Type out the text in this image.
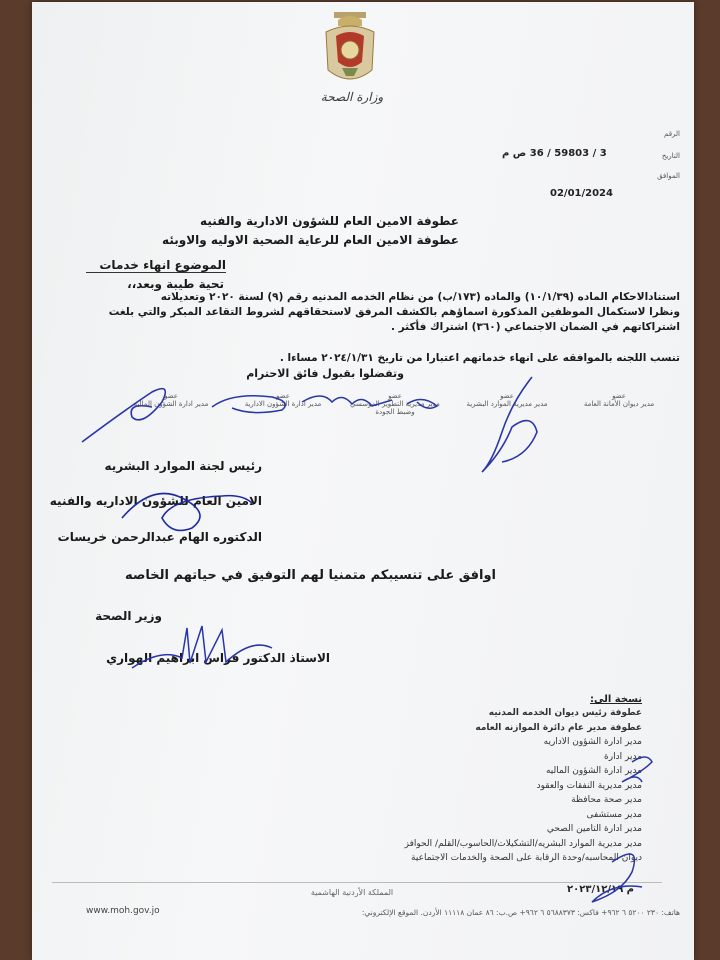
وزارة الصحة
الرقم
التاريخ
الموافق
3 / 59803 / 36 ص م
02/01/2024
عطوفة الامين العام للشؤون الادارية والفنيه
عطوفة الامين العام للرعاية الصحية الاوليه والاوبئه
الموضوع انهاء خدمات
تحية طيبة وبعد،،
استنادالاحكام الماده (١٠/١/٣٩) والماده (١٧٣/ب) من نظام الخدمه المدنيه رقم (٩) لسنة ٢٠٢٠ وتعديلاته
ونظرا لاستكمال الموظفين المذكورة اسماؤهم بالكشف المرفق لاستحقاقهم لشروط التقاعد المبكر والتي بلغت
اشتراكاتهم في الضمان الاجتماعي (٣٦٠) اشتراك فأكثر .
تنسب اللجنه بالموافقه على انهاء خدماتهم اعتبارا من تاريخ ٢٠٢٤/١/٣١ مساءا .
وتفضلوا بقبول فائق الاحترام
عضو
مدير ديوان الأمانة العامة
عضو
مدير مديرية الموارد البشرية
عضو
مدير مديرية التطوير المؤسسي وضبط الجودة
عضو
مدير ادارة الشؤون الادارية
عضو
مدير ادارة الشؤون المالية
رئيس لجنة الموارد البشريه
الامين العام للشؤون الاداريه والفنيه
الدكتوره الهام عبدالرحمن خريسات
اوافق على تنسيبكم متمنيا لهم التوفيق في حياتهم الخاصه
وزير الصحة
الاستاذ الدكتور فراس ابراهيم الهواري
نسخة الى:
عطوفة رئيس ديوان الخدمه المدنيه
عطوفة مدير عام دائرة الموازنه العامه
مدير ادارة الشؤون الاداريه
مدير ادارة
مدير ادارة الشؤون الماليه
مدير مديرية النفقات والعقود
مدير صحة محافظة
مدير مستشفى
مدير ادارة التامين الصحي
مدير مديرية الموارد البشريه/التشكيلات/الحاسوب/القلم/ الحوافز
ديوان المحاسبه/وحدة الرقابة على الصحة والخدمات الاجتماعية
م ٢٠٢٣/١٢/١٩
المملكة الأردنية الهاشمية
هاتف: ٢٣٠ ٥٢٠٠ ٦ ٩٦٢+ فاكس: ٥٦٨٨٣٧٣ ٦ ٩٦٢+ ص.ب: ٨٦ عمان ١١١١٨ الأردن. الموقع الإلكتروني:
www.moh.gov.jo
